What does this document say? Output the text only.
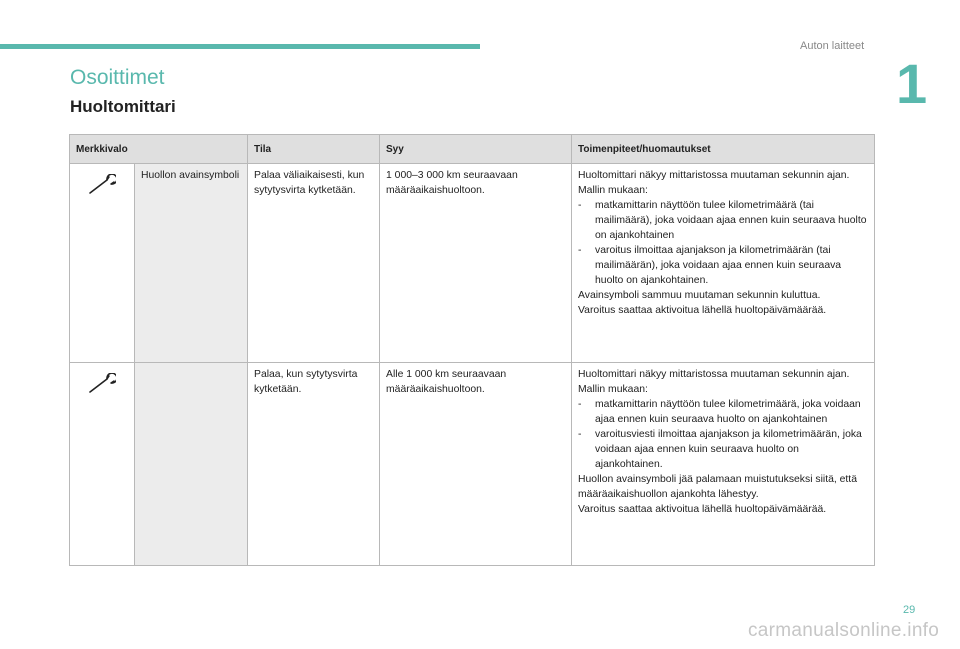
Auton laitteet
1
Osoittimet
Huoltomittari
Merkkivalo		Tila	Syy	Toimenpiteet/huomautukset
	Huollon avainsymboli	Palaa väliaikaisesti, kun sytytysvirta kytketään.	1 000–3 000 km seuraavaan määräaikaishuoltoon.	Huoltomittari näkyy mittaristossa muutaman sekunnin ajan. Mallin mukaan:
- matkamittarin näyttöön tulee kilometrimäärä (tai mailimäärä), joka voidaan ajaa ennen kuin seuraava huolto on ajankohtainen
- varoitus ilmoittaa ajanjakson ja kilometrimäärän (tai mailimäärän), joka voidaan ajaa ennen kuin seuraava huolto on ajankohtainen.
Avainsymboli sammuu muutaman sekunnin kuluttua.
Varoitus saattaa aktivoitua lähellä huoltopäivämäärää.

		Palaa, kun sytytysvirta kytketään.	Alle 1 000 km seuraavaan määräaikaishuoltoon.	Huoltomittari näkyy mittaristossa muutaman sekunnin ajan. Mallin mukaan:
- matkamittarin näyttöön tulee kilometrimäärä, joka voidaan ajaa ennen kuin seuraava huolto on ajankohtainen
- varoitusviesti ilmoittaa ajanjakson ja kilometrimäärän, joka voidaan ajaa ennen kuin seuraava huolto on ajankohtainen.
Huollon avainsymboli jää palamaan muistutukseksi siitä, että määräaikaishuollon ajankohta lähestyy.
Varoitus saattaa aktivoitua lähellä huoltopäivämäärää.
29
carmanualsonline.info
